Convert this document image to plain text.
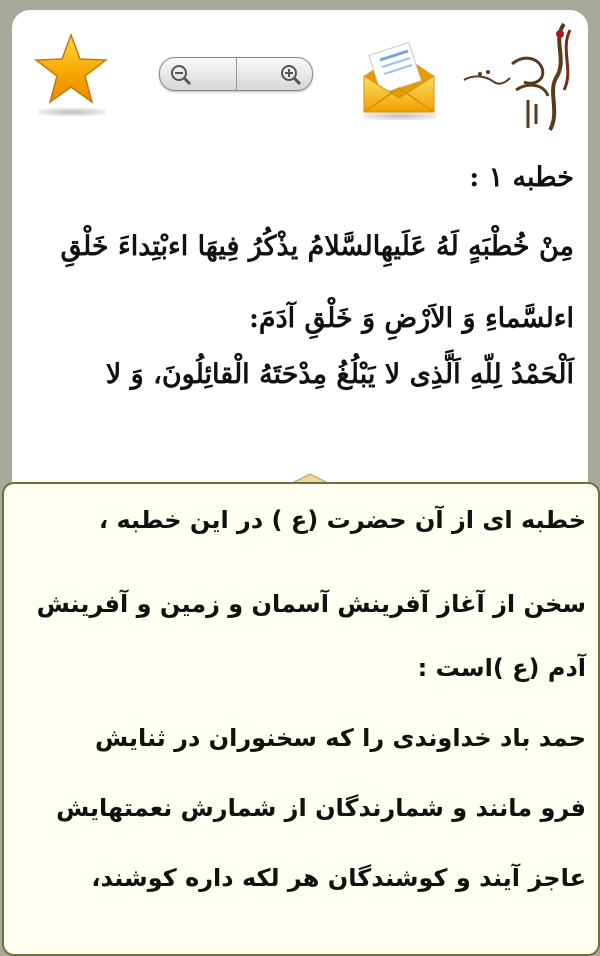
خطبه ۱ :
مِنْ خُطْبَهٍ لَهُ عَلَيهِالسَّلامُ يذْكُرُ فِيهَا اءبْتِداءَ خَلْقِ
اءلسَّماءِ وَ الاَرْضِ وَ خَلْقِ آدَمَ:
اَلْحَمْدُ لِلّهِ اَلَّذِى لا يَبْلُغُ مِدْحَتَهُ الْقائِلُونَ، وَ لا
خطبه ای از آن حضرت (ع ) در این خطبه ،
سخن از آغاز آفرینش آسمان و زمین و آفرینش
آدم (ع )است :
حمد باد خداوندی را که سخنوران در ثنایش
فرو مانند و شمارندگان از شمارش نعمتهایش
عاجز آیند و کوشندگان هر لکه داره کوشند،
